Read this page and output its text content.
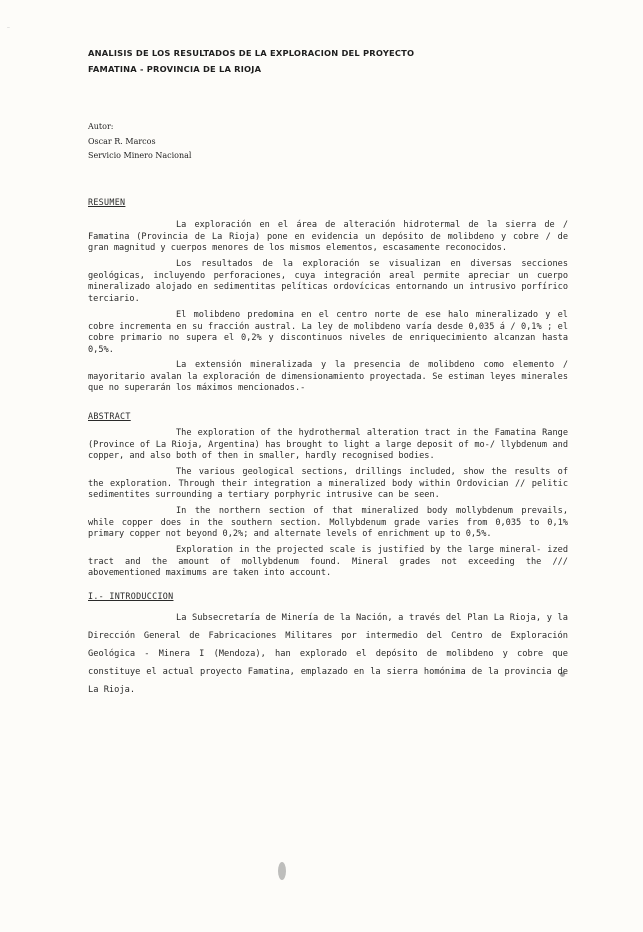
⁻
ANALISIS DE LOS RESULTADOS DE LA EXPLORACION DEL PROYECTO
FAMATINA - PROVINCIA DE LA RIOJA
Autor:
Oscar R. Marcos
Servicio Minero Nacional
RESUMEN

La exploración en el área de alteración hidrotermal de la sierra de / Famatina (Provincia de La Rioja) pone en evidencia un depósito de molibdeno y cobre / de gran magnitud y cuerpos menores de los mismos elementos, escasamente reconocidos.

Los resultados de la exploración se visualizan en diversas secciones geológicas, incluyendo perforaciones, cuya integración areal permite apreciar un cuerpo mineralizado alojado en sedimentitas pelíticas ordovícicas entornando un intrusivo porfírico terciario.

El molibdeno predomina en el centro norte de ese halo mineralizado y el cobre incrementa en su fracción austral. La ley de molibdeno varía desde 0,035 á / 0,1% ; el cobre primario no supera el 0,2% y discontinuos niveles de enriquecimiento alcanzan hasta 0,5%.

La extensión mineralizada y la presencia de molibdeno como elemento / mayoritario avalan la exploración de dimensionamiento proyectada. Se estiman leyes minerales que no superarán los máximos mencionados.-

ABSTRACT

The exploration of the hydrothermal alteration tract in the Famatina Range (Province of La Rioja, Argentina) has brought to light a large deposit of mo-/ llybdenum and copper, and also both of then in smaller, hardly recognised bodies.

The various geological sections, drillings included, show the results of the exploration. Through their integration a mineralized body within Ordovician // pelitic sedimentites surrounding a tertiary porphyric intrusive can be seen.

In the northern section of that mineralized body mollybdenum prevails, while copper does in the southern section. Mollybdenum grade varies from 0,035 to 0,1% primary copper not beyond 0,2%; and alternate levels of enrichment up to 0,5%.

Exploration in the projected scale is justified by the large mineral- ized tract and the amount of mollybdenum found. Mineral grades not exceeding the /// abovementioned maximums are taken into account.

I.- INTRODUCCION

La Subsecretaría de Minería de la Nación, a través del Plan La Rioja, y la Dirección General de Fabricaciones Militares por intermedio del Centro de Exploración Geológica - Minera I (Mendoza), han explorado el depósito de molibdeno y cobre que constituye el actual proyecto Famatina, emplazado en la sierra homónima de la provincia de La Rioja.
